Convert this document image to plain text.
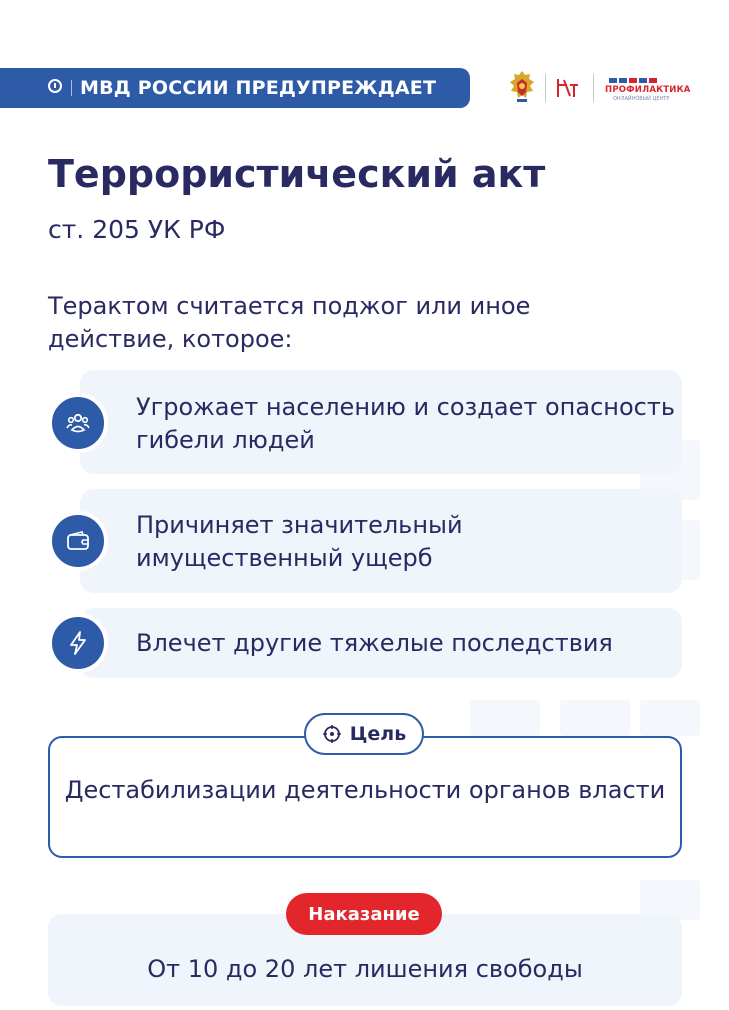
МВД РОССИИ ПРЕДУПРЕЖДАЕТ	ПРОФИЛАКТИКА
ОНЛАЙНОВЫЙ ЦЕНТР
Террористический акт
ст. 205 УК РФ
Терактом считается поджог или иное действие, которое:
Угрожает населению и создает опасность гибели людей
Причиняет значительный имущественный ущерб
Влечет другие тяжелые последствия
Цель
Дестабилизации деятельности органов власти
Наказание
От 10 до 20 лет лишения свободы
